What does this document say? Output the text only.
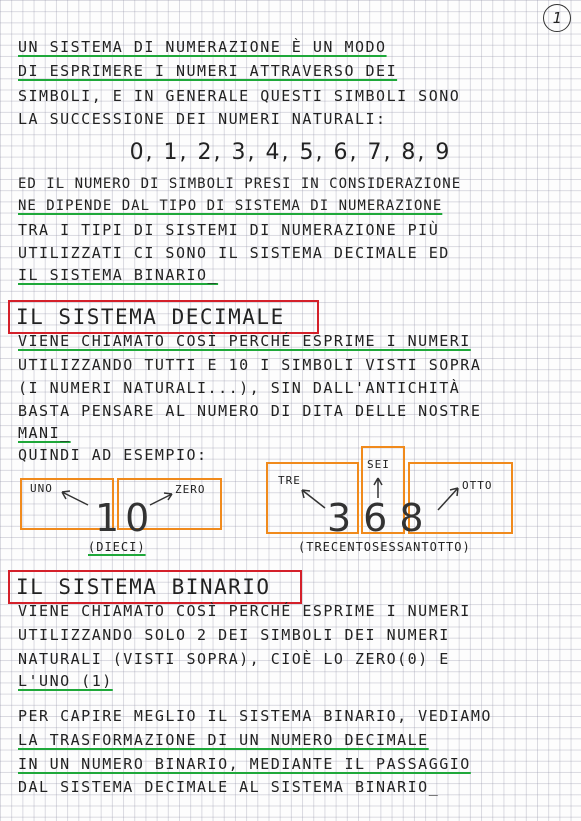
1
UN SISTEMA DI NUMERAZIONE È UN MODO
DI ESPRIMERE I NUMERI ATTRAVERSO DEI
SIMBOLI, E IN GENERALE QUESTI SIMBOLI SONO
LA SUCCESSIONE DEI NUMERI NATURALI:
0, 1, 2, 3, 4, 5, 6, 7, 8, 9
ED IL NUMERO DI SIMBOLI PRESI IN CONSIDERAZIONE
NE DIPENDE DAL TIPO DI SISTEMA DI NUMERAZIONE
TRA I TIPI DI SISTEMI DI NUMERAZIONE PIÙ
UTILIZZATI CI SONO IL SISTEMA DECIMALE ED
IL SISTEMA BINARIO_
IL SISTEMA DECIMALE
VIENE CHIAMATO COSÌ PERCHÉ ESPRIME I NUMERI
UTILIZZANDO TUTTI E 10 I SIMBOLI VISTI SOPRA
(I NUMERI NATURALI...), SIN DALL'ANTICHITÀ
BASTA PENSARE AL NUMERO DI DITA DELLE NOSTRE
MANI_
QUINDI AD ESEMPIO:
UNO	ZERO
10
(DIECI)
TRE
SEI
OTTO
368
(TRECENTOSESSANTOTTO)
IL SISTEMA BINARIO
VIENE CHIAMATO COSÌ PERCHÉ ESPRIME I NUMERI
UTILIZZANDO SOLO 2 DEI SIMBOLI DEI NUMERI
NATURALI (VISTI SOPRA), CIOÈ LO ZERO(0) E
L'UNO (1)
PER CAPIRE MEGLIO IL SISTEMA BINARIO, VEDIAMO
LA TRASFORMAZIONE DI UN NUMERO DECIMALE
IN UN NUMERO BINARIO, MEDIANTE IL PASSAGGIO
DAL SISTEMA DECIMALE AL SISTEMA BINARIO_
